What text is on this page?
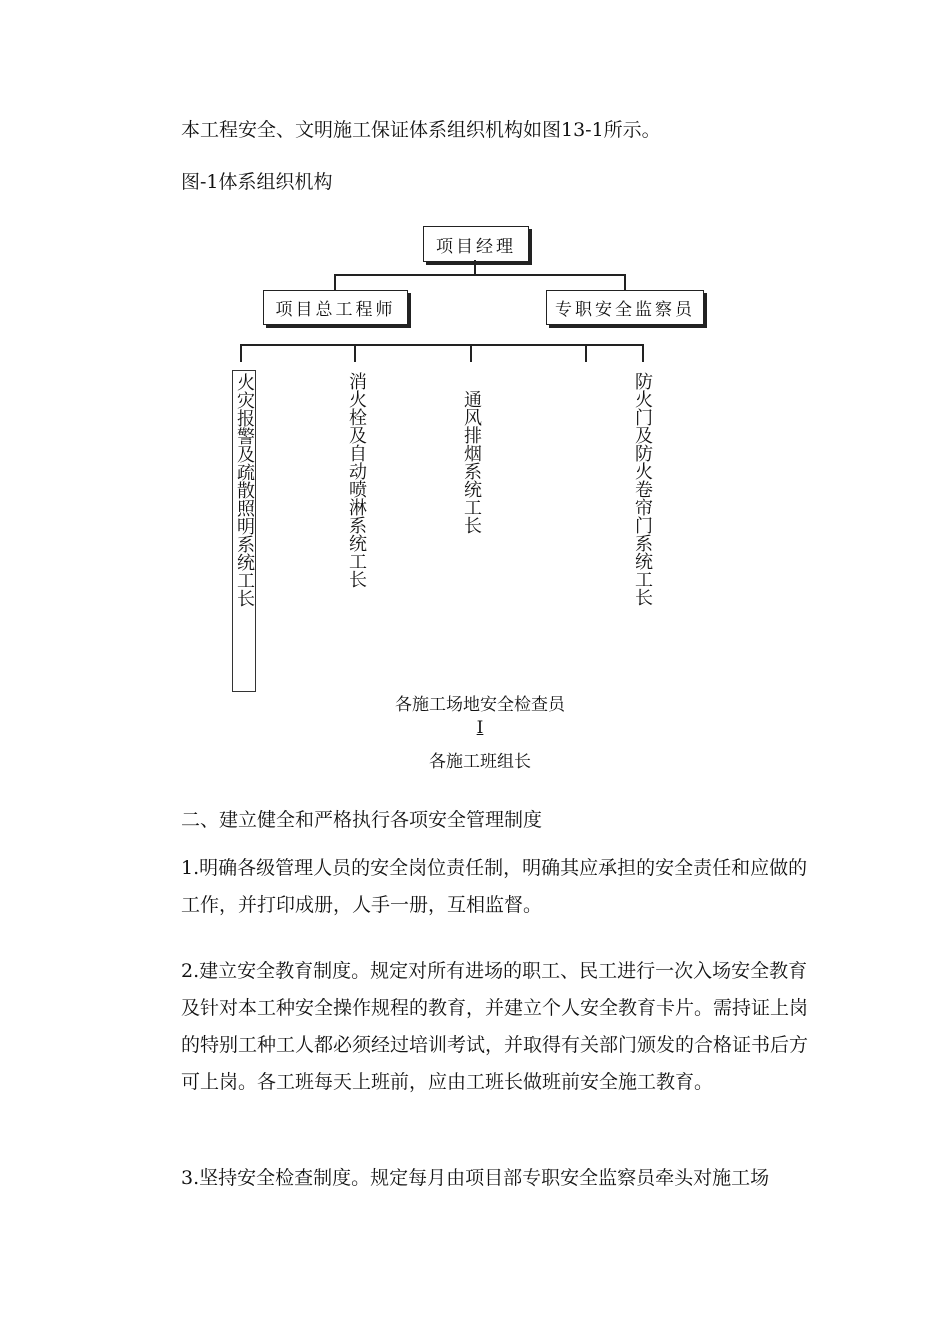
本工程安全、文明施工保证体系组织机构如图13-1所示。

图-1体系组织机构

项目经理
项目总工程师	专职安全监察员
火灾报警及疏散照明系统工长	消火栓及自动喷淋系统工长	通风排烟系统工长	防火门及防火卷帘门系统工长
各施工场地安全检查员
I
各施工班组长

二、建立健全和严格执行各项安全管理制度

1.明确各级管理人员的安全岗位责任制，明确其应承担的安全责任和应做的工作，并打印成册，人手一册，互相监督。

2.建立安全教育制度。规定对所有进场的职工、民工进行一次入场安全教育及针对本工种安全操作规程的教育，并建立个人安全教育卡片。需持证上岗的特别工种工人都必须经过培训考试，并取得有关部门颁发的合格证书后方可上岗。各工班每天上班前，应由工班长做班前安全施工教育。

3.坚持安全检查制度。规定每月由项目部专职安全监察员牵头对施工场
